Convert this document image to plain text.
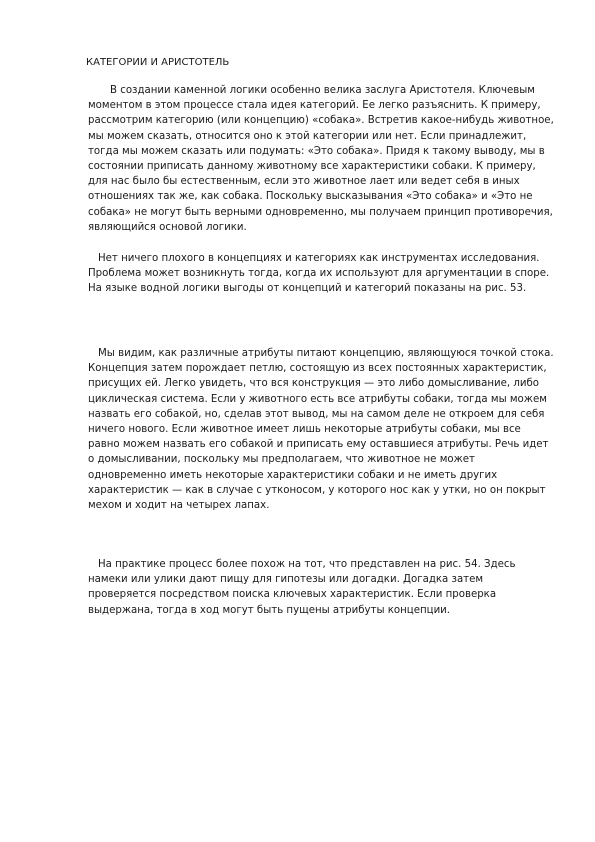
КАТЕГОРИИ И АРИСТОТЕЛЬ

В создании каменной логики особенно велика заслуга Аристотеля. Ключевым моментом в этом процессе стала идея категорий. Ее легко разъяснить. К примеру, рассмотрим категорию (или концепцию) «собака». Встретив какое-нибудь животное, мы можем сказать, относится оно к этой категории или нет. Если принадлежит, тогда мы можем сказать или подумать: «Это собака». Придя к такому выводу, мы в состоянии приписать данному животному все характеристики собаки. К примеру, для нас было бы естественным, если это животное лает или ведет себя в иных отношениях так же, как собака. Поскольку высказывания «Это собака» и «Это не собака» не могут быть верными одновременно, мы получаем принцип противоречия, являющийся основой логики.

Нет ничего плохого в концепциях и категориях как инструментах исследования. Проблема может возникнуть тогда, когда их используют для аргументации в споре. На языке водной логики выгоды от концепций и категорий показаны на рис. 53.

Мы видим, как различные атрибуты питают концепцию, являющуюся точкой стока. Концепция затем порождает петлю, состоящую из всех постоянных характеристик, присущих ей. Легко увидеть, что вся конструкция — это либо домысливание, либо циклическая система. Если у животного есть все атрибуты собаки, тогда мы можем назвать его собакой, но, сделав этот вывод, мы на самом деле не откроем для себя ничего нового. Если животное имеет лишь некоторые атрибуты собаки, мы все равно можем назвать его собакой и приписать ему оставшиеся атрибуты. Речь идет о домысливании, поскольку мы предполагаем, что животное не может одновременно иметь некоторые характеристики собаки и не иметь других характеристик — как в случае с утконосом, у которого нос как у утки, но он покрыт мехом и ходит на четырех лапах.

На практике процесс более похож на тот, что представлен на рис. 54. Здесь намеки или улики дают пищу для гипотезы или догадки. Догадка затем проверяется посредством поиска ключевых характеристик. Если проверка выдержана, тогда в ход могут быть пущены атрибуты концепции.
